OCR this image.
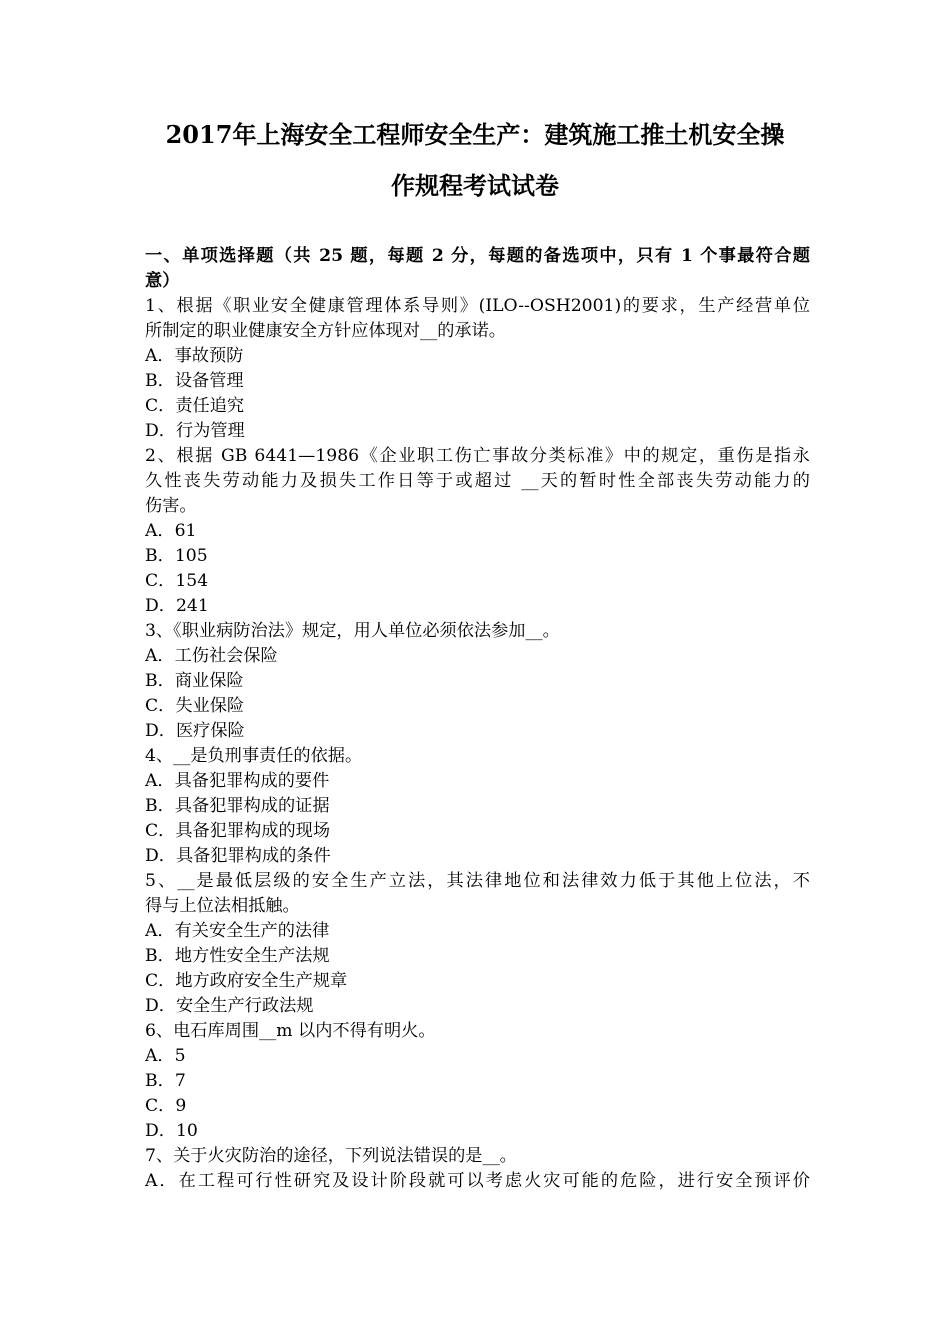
2017年上海安全工程师安全生产：建筑施工推土机安全操
作规程考试试卷
一、单项选择题（共 25 题，每题 2 分，每题的备选项中，只有 1 个事最符合题
意）
1、根据《职业安全健康管理体系导则》(ILO--OSH2001)的要求，生产经营单位
所制定的职业健康安全方针应体现对__的承诺。
A．事故预防
B．设备管理
C．责任追究
D．行为管理
2、根据 GB 6441—1986《企业职工伤亡事故分类标准》中的规定，重伤是指永
久性丧失劳动能力及损失工作日等于或超过 __天的暂时性全部丧失劳动能力的
伤害。
A．61
B．105
C．154
D．241
3、《职业病防治法》规定，用人单位必须依法参加__。
A．工伤社会保险
B．商业保险
C．失业保险
D．医疗保险
4、__是负刑事责任的依据。
A．具备犯罪构成的要件
B．具备犯罪构成的证据
C．具备犯罪构成的现场
D．具备犯罪构成的条件
5、__是最低层级的安全生产立法，其法律地位和法律效力低于其他上位法，不
得与上位法相抵触。
A．有关安全生产的法律
B．地方性安全生产法规
C．地方政府安全生产规章
D．安全生产行政法规
6、电石库周围__m 以内不得有明火。
A．5
B．7
C．9
D．10
7、关于火灾防治的途径，下列说法错误的是__。
A．在工程可行性研究及设计阶段就可以考虑火灾可能的危险，进行安全预评价
